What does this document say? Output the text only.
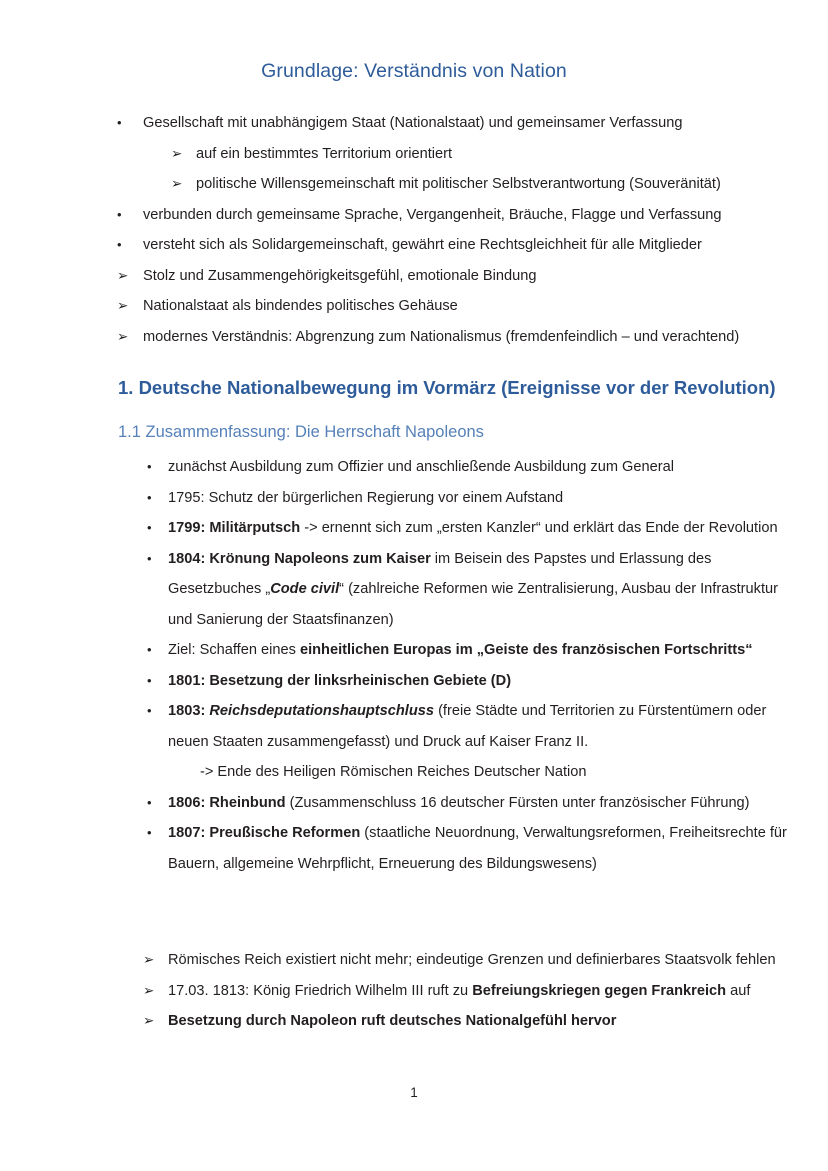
Grundlage: Verständnis von Nation
• Gesellschaft mit unabhängigem Staat (Nationalstaat) und gemeinsamer Verfassung
➢ auf ein bestimmtes Territorium orientiert
➢ politische Willensgemeinschaft mit politischer Selbstverantwortung (Souveränität)
• verbunden durch gemeinsame Sprache, Vergangenheit, Bräuche, Flagge und Verfassung
• versteht sich als Solidargemeinschaft, gewährt eine Rechtsgleichheit für alle Mitglieder
➢ Stolz und Zusammengehörigkeitsgefühl, emotionale Bindung
➢ Nationalstaat als bindendes politisches Gehäuse
➢ modernes Verständnis: Abgrenzung zum Nationalismus (fremdenfeindlich – und verachtend)
1. Deutsche Nationalbewegung im Vormärz (Ereignisse vor der Revolution)
1.1 Zusammenfassung: Die Herrschaft Napoleons
• zunächst Ausbildung zum Offizier und anschließende Ausbildung zum General
• 1795: Schutz der bürgerlichen Regierung vor einem Aufstand
• 1799: Militärputsch -> ernennt sich zum „ersten Kanzler“ und erklärt das Ende der Revolution
• 1804: Krönung Napoleons zum Kaiser im Beisein des Papstes und Erlassung des Gesetzbuches „Code civil“ (zahlreiche Reformen wie Zentralisierung, Ausbau der Infrastruktur und Sanierung der Staatsfinanzen)
• Ziel: Schaffen eines einheitlichen Europas im „Geiste des französischen Fortschritts“
• 1801: Besetzung der linksrheinischen Gebiete (D)
• 1803: Reichsdeputationshauptschluss (freie Städte und Territorien zu Fürstentümern oder neuen Staaten zusammengefasst) und Druck auf Kaiser Franz II.
-> Ende des Heiligen Römischen Reiches Deutscher Nation
• 1806: Rheinbund (Zusammenschluss 16 deutscher Fürsten unter französischer Führung)
• 1807: Preußische Reformen (staatliche Neuordnung, Verwaltungsreformen, Freiheitsrechte für Bauern, allgemeine Wehrpflicht, Erneuerung des Bildungswesens)
➢ Römisches Reich existiert nicht mehr; eindeutige Grenzen und definierbares Staatsvolk fehlen
➢ 17.03. 1813: König Friedrich Wilhelm III ruft zu Befreiungskriegen gegen Frankreich auf
➢ Besetzung durch Napoleon ruft deutsches Nationalgefühl hervor
1
